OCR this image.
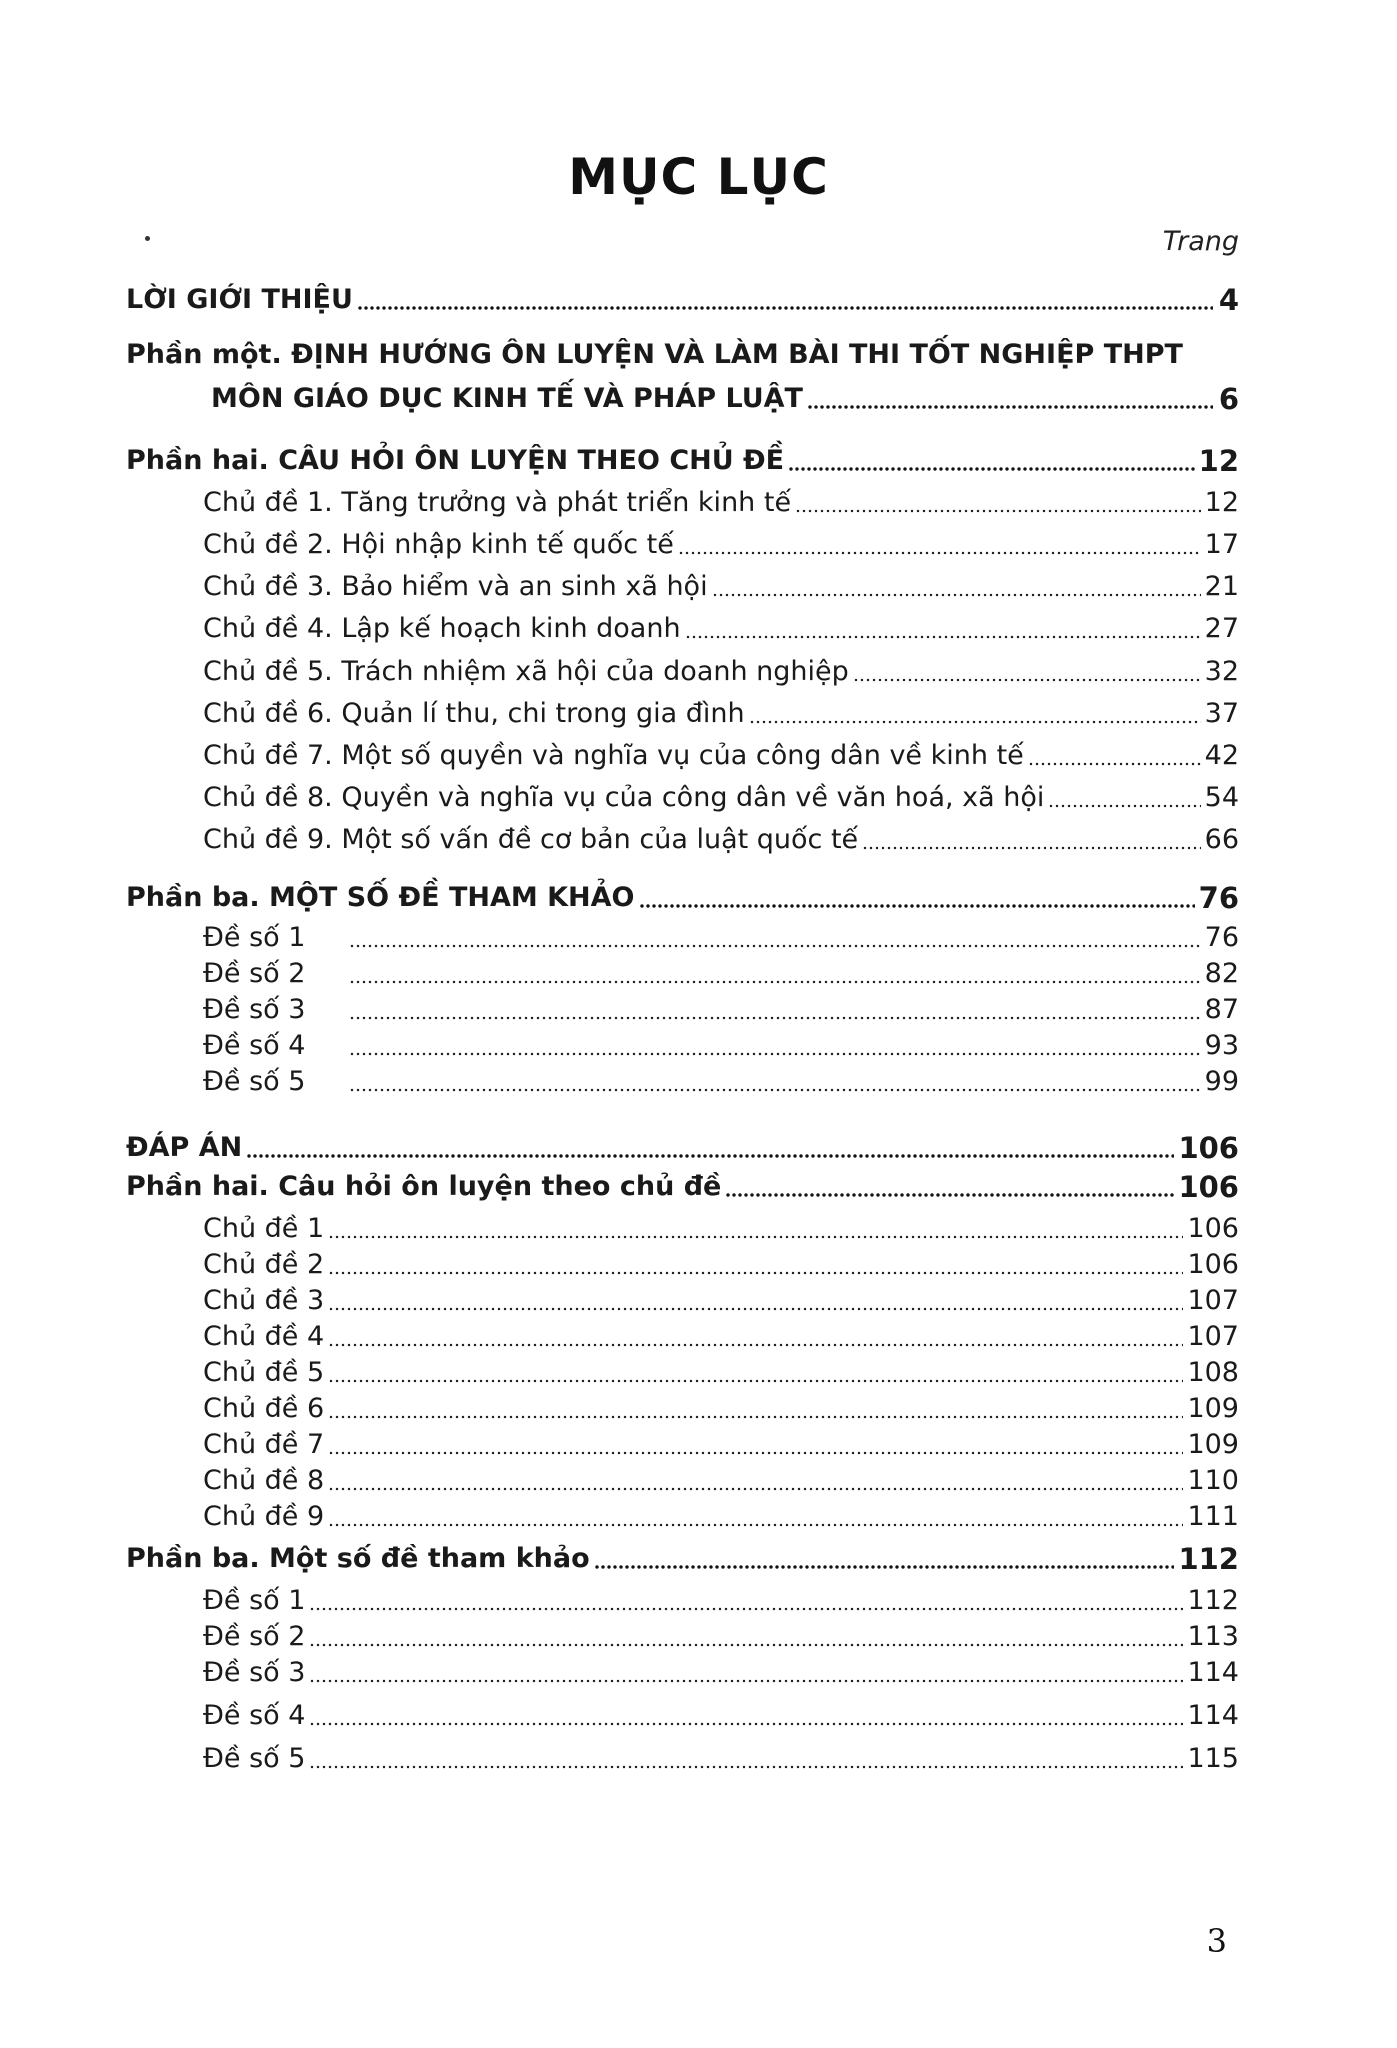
MỤC LỤC
Trang
LỜI GIỚI THIỆU	4
Phần một. ĐỊNH HƯỚNG ÔN LUYỆN VÀ LÀM BÀI THI TỐT NGHIỆP THPT
MÔN GIÁO DỤC KINH TẾ VÀ PHÁP LUẬT	6
Phần hai. CÂU HỎI ÔN LUYỆN THEO CHỦ ĐỀ	12
Chủ đề 1. Tăng trưởng và phát triển kinh tế	12
Chủ đề 2. Hội nhập kinh tế quốc tế	17
Chủ đề 3. Bảo hiểm và an sinh xã hội	21
Chủ đề 4. Lập kế hoạch kinh doanh	27
Chủ đề 5. Trách nhiệm xã hội của doanh nghiệp	32
Chủ đề 6. Quản lí thu, chi trong gia đình	37
Chủ đề 7. Một số quyền và nghĩa vụ của công dân về kinh tế	42
Chủ đề 8. Quyền và nghĩa vụ của công dân về văn hoá, xã hội	54
Chủ đề 9. Một số vấn đề cơ bản của luật quốc tế	66
Phần ba. MỘT SỐ ĐỀ THAM KHẢO	76
Đề số 1	76
Đề số 2	82
Đề số 3	87
Đề số 4	93
Đề số 5	99
ĐÁP ÁN	106
Phần hai. Câu hỏi ôn luyện theo chủ đề	106
Chủ đề 1	106
Chủ đề 2	106
Chủ đề 3	107
Chủ đề 4	107
Chủ đề 5	108
Chủ đề 6	109
Chủ đề 7	109
Chủ đề 8	110
Chủ đề 9	111
Phần ba. Một số đề tham khảo	112
Đề số 1	112
Đề số 2	113
Đề số 3	114
Đề số 4	114
Đề số 5	115
3
